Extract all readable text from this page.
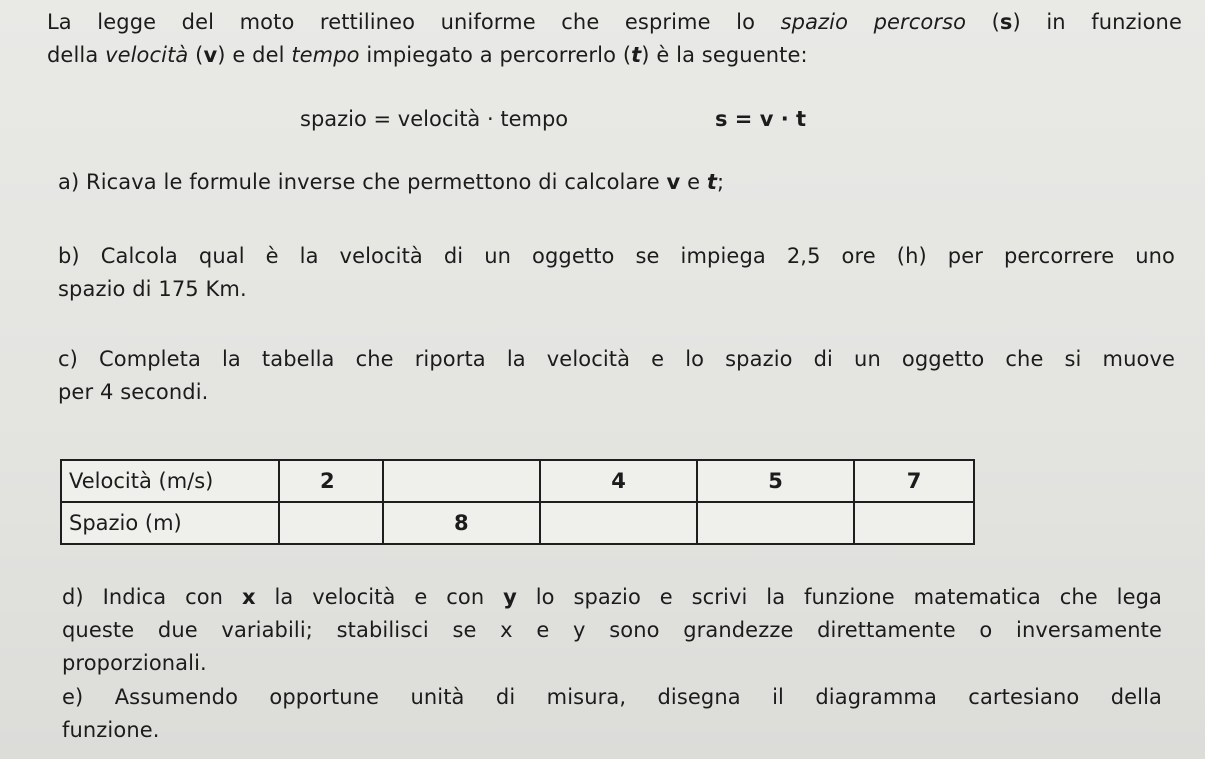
La legge del moto rettilineo uniforme che esprime lo spazio percorso (s) in funzione
della velocità (v) e del tempo impiegato a percorrerlo (t) è la seguente:
spazio = velocità · tempo	s = v · t
a) Ricava le formule inverse che permettono di calcolare v e t;
b) Calcola qual è la velocità di un oggetto se impiega 2,5 ore (h) per percorrere uno
spazio di 175 Km.
c) Completa la tabella che riporta la velocità e lo spazio di un oggetto che si muove
per 4 secondi.
Velocità (m/s)	2		4	5	7
Spazio (m)		8			
d) Indica con x la velocità e con y lo spazio e scrivi la funzione matematica che lega
queste due variabili; stabilisci se x e y sono grandezze direttamente o inversamente
proporzionali.
e) Assumendo opportune unità di misura, disegna il diagramma cartesiano della
funzione.
